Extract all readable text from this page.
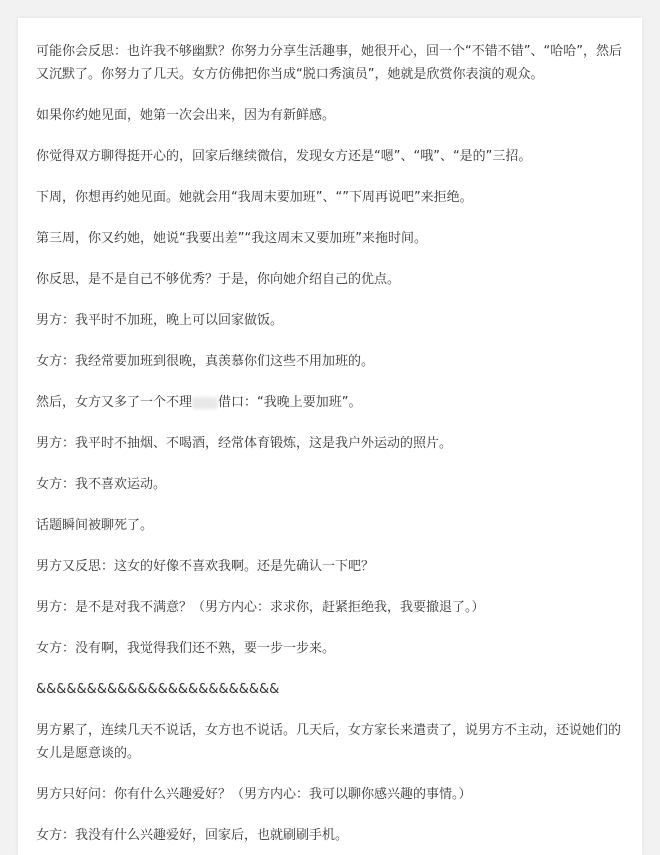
可能你会反思：也许我不够幽默？你努力分享生活趣事，她很开心，回一个“不错不错”、“哈哈”，然后又沉默了。你努力了几天。女方仿佛把你当成“脱口秀演员”，她就是欣赏你表演的观众。

如果你约她见面，她第一次会出来，因为有新鲜感。

你觉得双方聊得挺开心的，回家后继续微信，发现女方还是“嗯”、“哦”、“是的”三招。

下周，你想再约她见面。她就会用“我周末要加班”、“”下周再说吧”来拒绝。

第三周，你又约她，她说“我要出差”“我这周末又要加班”来拖时间。

你反思，是不是自己不够优秀？于是，你向她介绍自己的优点。

男方：我平时不加班，晚上可以回家做饭。

女方：我经常要加班到很晚，真羡慕你们这些不用加班的。

然后，女方又多了一个不理 借口：“我晚上要加班”。

男方：我平时不抽烟、不喝酒，经常体育锻炼，这是我户外运动的照片。

女方：我不喜欢运动。

话题瞬间被聊死了。

男方又反思：这女的好像不喜欢我啊。还是先确认一下吧？

男方：是不是对我不满意？（男方内心：求求你，赶紧拒绝我，我要撤退了。）

女方：没有啊，我觉得我们还不熟，要一步一步来。

&&&&&&&&&&&&&&&&&&&&&&&&

男方累了，连续几天不说话，女方也不说话。几天后，女方家长来遣责了，说男方不主动，还说她们的女儿是愿意谈的。

男方只好问：你有什么兴趣爱好？（男方内心：我可以聊你感兴趣的事情。）

女方：我没有什么兴趣爱好，回家后，也就刷刷手机。
